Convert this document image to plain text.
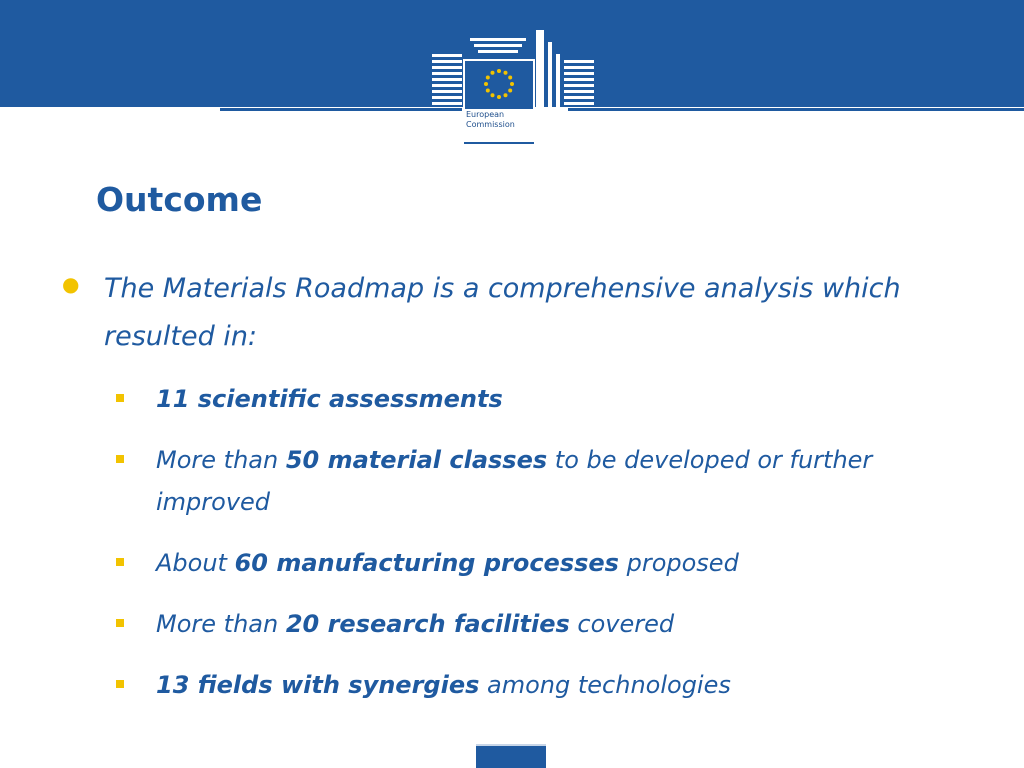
European
Commission
Outcome
● The Materials Roadmap is a comprehensive analysis which resulted in:
11 scientific assessments
More than 50 material classes to be developed or further improved
About 60 manufacturing processes proposed
More than 20 research facilities covered
13 fields with synergies among technologies
